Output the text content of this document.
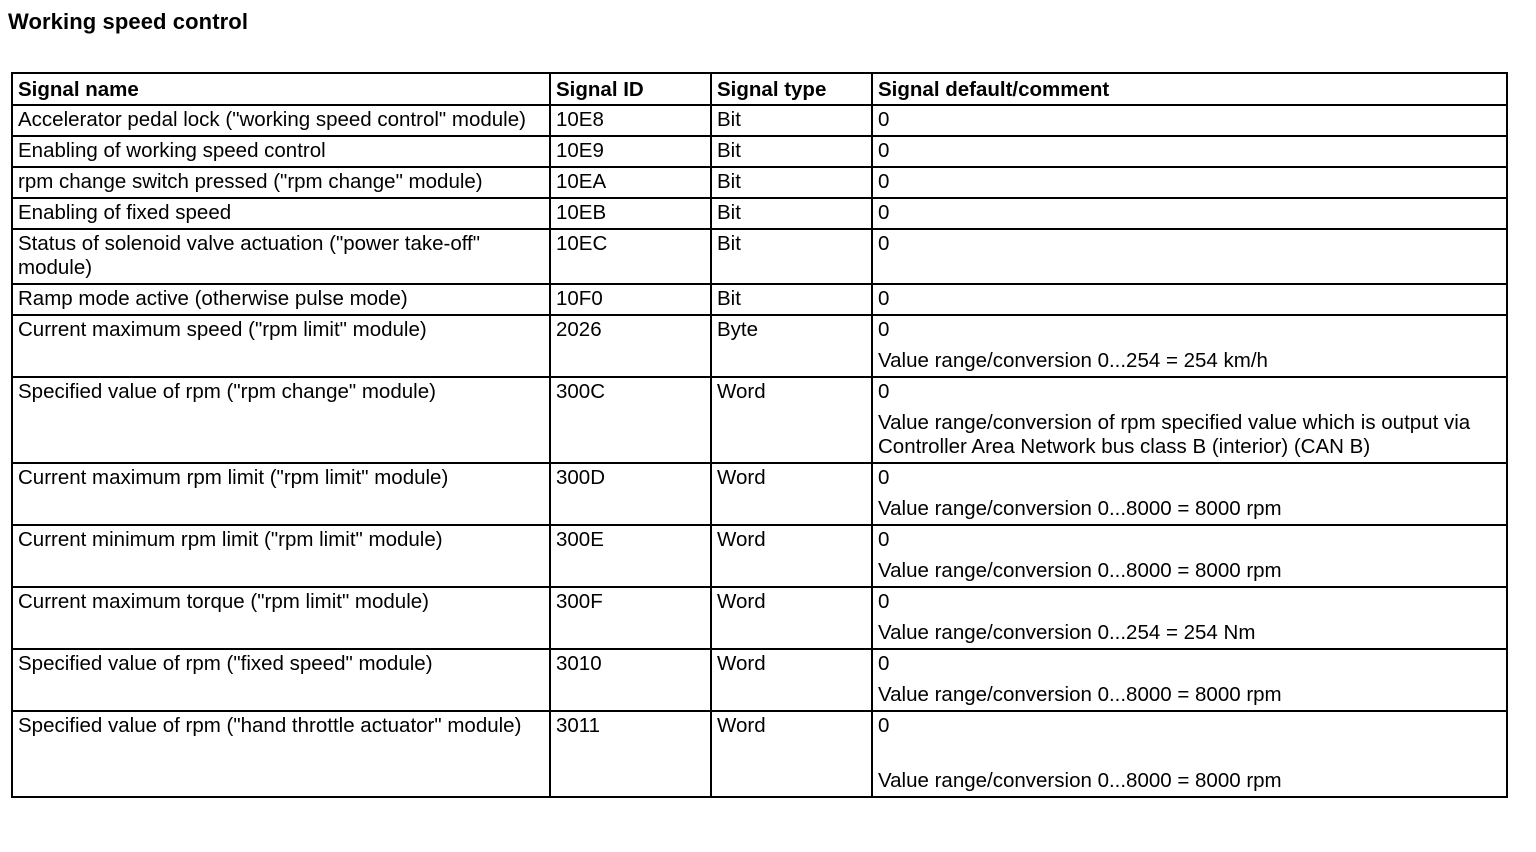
Working speed control
Signal name	Signal ID	Signal type	Signal default/comment
Accelerator pedal lock ("working speed control" module)	10E8	Bit	0

Enabling of working speed control	10E9	Bit	0

rpm change switch pressed ("rpm change" module)	10EA	Bit	0

Enabling of fixed speed	10EB	Bit	0

Status of solenoid valve actuation ("power take-off" module)	10EC	Bit	0

Ramp mode active (otherwise pulse mode)	10F0	Bit	0

Current maximum speed ("rpm limit" module)	2026	Byte	0
Value range/conversion 0...254 = 254 km/h

Specified value of rpm ("rpm change" module)	300C	Word	0
Value range/conversion of rpm specified value which is output via Controller Area Network bus class B (interior) (CAN B)

Current maximum rpm limit ("rpm limit" module)	300D	Word	0
Value range/conversion 0...8000 = 8000 rpm

Current minimum rpm limit ("rpm limit" module)	300E	Word	0
Value range/conversion 0...8000 = 8000 rpm

Current maximum torque ("rpm limit" module)	300F	Word	0
Value range/conversion 0...254 = 254 Nm

Specified value of rpm ("fixed speed" module)	3010	Word	0
Value range/conversion 0...8000 = 8000 rpm

Specified value of rpm ("hand throttle actuator" module)	3011	Word	0
Value range/conversion 0...8000 = 8000 rpm
